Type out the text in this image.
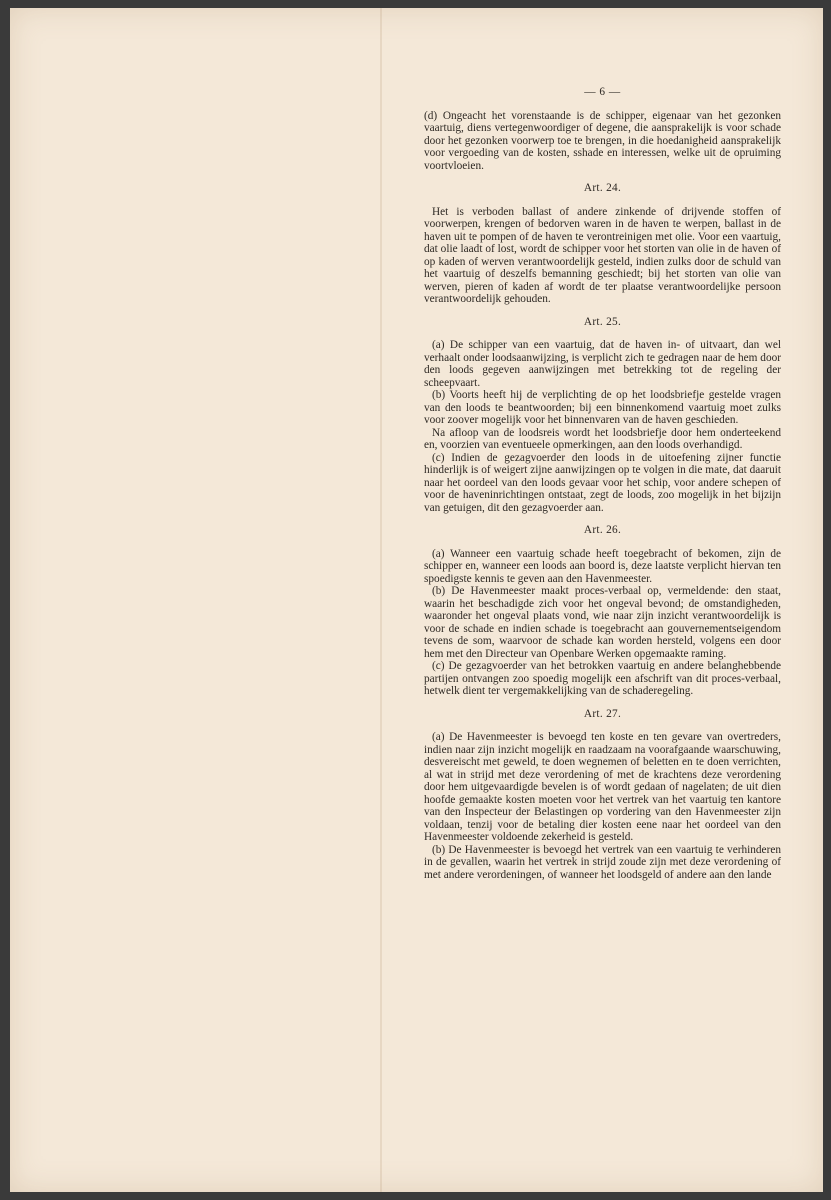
— 6 —

(d) Ongeacht het vorenstaande is de schipper, eigenaar van het gezonken vaartuig, diens vertegenwoordiger of degene, die aansprakelijk is voor schade door het gezonken voorwerp toe te brengen, in die hoedanigheid aansprakelijk voor vergoeding van de kosten, sshade en interessen, welke uit de opruiming voortvloeien.

Art. 24.

Het is verboden ballast of andere zinkende of drijvende stoffen of voorwerpen, krengen of bedorven waren in de haven te werpen, ballast in de haven uit te pompen of de haven te verontreinigen met olie. Voor een vaartuig, dat olie laadt of lost, wordt de schipper voor het storten van olie in de haven of op kaden of werven verantwoordelijk gesteld, indien zulks door de schuld van het vaartuig of deszelfs bemanning geschiedt; bij het storten van olie van werven, pieren of kaden af wordt de ter plaatse verantwoordelijke persoon verantwoordelijk gehouden.

Art. 25.

(a) De schipper van een vaartuig, dat de haven in- of uitvaart, dan wel verhaalt onder loodsaanwijzing, is verplicht zich te gedragen naar de hem door den loods gegeven aanwijzingen met betrekking tot de regeling der scheepvaart.

(b) Voorts heeft hij de verplichting de op het loodsbriefje gestelde vragen van den loods te beantwoorden; bij een binnenkomend vaartuig moet zulks voor zoover mogelijk voor het binnenvaren van de haven geschieden.

Na afloop van de loodsreis wordt het loodsbriefje door hem onderteekend en, voorzien van eventueele opmerkingen, aan den loods overhandigd.

(c) Indien de gezagvoerder den loods in de uitoefening zijner functie hinderlijk is of weigert zijne aanwijzingen op te volgen in die mate, dat daaruit naar het oordeel van den loods gevaar voor het schip, voor andere schepen of voor de haveninrichtingen ontstaat, zegt de loods, zoo mogelijk in het bijzijn van getuigen, dit den gezagvoerder aan.

Art. 26.

(a) Wanneer een vaartuig schade heeft toegebracht of bekomen, zijn de schipper en, wanneer een loods aan boord is, deze laatste verplicht hiervan ten spoedigste kennis te geven aan den Havenmeester.

(b) De Havenmeester maakt proces-verbaal op, vermeldende: den staat, waarin het beschadigde zich voor het ongeval bevond; de omstandigheden, waaronder het ongeval plaats vond, wie naar zijn inzicht verantwoordelijk is voor de schade en indien schade is toegebracht aan gouvernementseigendom tevens de som, waarvoor de schade kan worden hersteld, volgens een door hem met den Directeur van Openbare Werken opgemaakte raming.

(c) De gezagvoerder van het betrokken vaartuig en andere belanghebbende partijen ontvangen zoo spoedig mogelijk een afschrift van dit proces-verbaal, hetwelk dient ter vergemakkelijking van de schaderegeling.

Art. 27.

(a) De Havenmeester is bevoegd ten koste en ten gevare van overtreders, indien naar zijn inzicht mogelijk en raadzaam na voorafgaande waarschuwing, desvereischt met geweld, te doen wegnemen of beletten en te doen verrichten, al wat in strijd met deze verordening of met de krachtens deze verordening door hem uitgevaardigde bevelen is of wordt gedaan of nagelaten; de uit dien hoofde gemaakte kosten moeten voor het vertrek van het vaartuig ten kantore van den Inspecteur der Belastingen op vordering van den Havenmeester zijn voldaan, tenzij voor de betaling dier kosten eene naar het oordeel van den Havenmeester voldoende zekerheid is gesteld.

(b) De Havenmeester is bevoegd het vertrek van een vaartuig te verhinderen in de gevallen, waarin het vertrek in strijd zoude zijn met deze verordening of met andere verordeningen, of wanneer het loodsgeld of andere aan den lande
